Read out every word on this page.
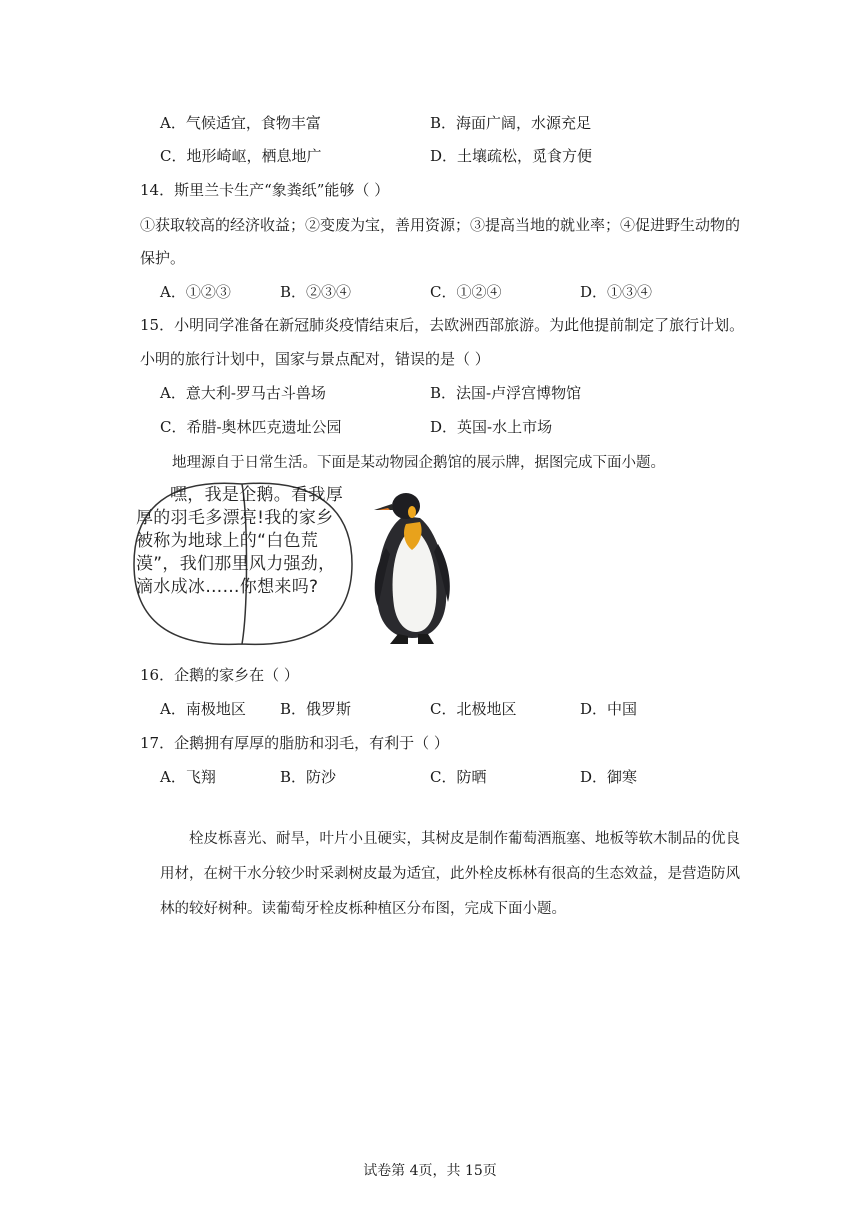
A．气候适宜，食物丰富	B．海面广阔，水源充足
C．地形崎岖，栖息地广	D．土壤疏松，觅食方便
14．斯里兰卡生产“象粪纸”能够（ ）
①获取较高的经济收益；②变废为宝，善用资源；③提高当地的就业率；④促进野生动物的
保护。
A．①②③	B．②③④	C．①②④	D．①③④
15．小明同学准备在新冠肺炎疫情结束后，去欧洲西部旅游。为此他提前制定了旅行计划。
小明的旅行计划中，国家与景点配对，错误的是（ ）
A．意大利-罗马古斗兽场	B．法国-卢浮宫博物馆
C．希腊-奥林匹克遗址公园	D．英国-水上市场
地理源自于日常生活。下面是某动物园企鹅馆的展示牌，据图完成下面小题。
嘿，我是企鹅。看我厚厚的羽毛多漂亮!我的家乡被称为地球上的“白色荒漠”，我们那里风力强劲，滴水成冰……你想来吗?
16．企鹅的家乡在（ ）
A．南极地区 B．俄罗斯	C．北极地区	D．中国
17．企鹅拥有厚厚的脂肪和羽毛，有利于（ ）
A．飞翔	B．防沙	C．防晒	D．御寒
栓皮栎喜光、耐旱，叶片小且硬实，其树皮是制作葡萄酒瓶塞、地板等软木制品的优良用材，在树干水分较少时采剥树皮最为适宜，此外栓皮栎林有很高的生态效益，是营造防风林的较好树种。读葡萄牙栓皮栎种植区分布图，完成下面小题。
试卷第 4页，共 15页
